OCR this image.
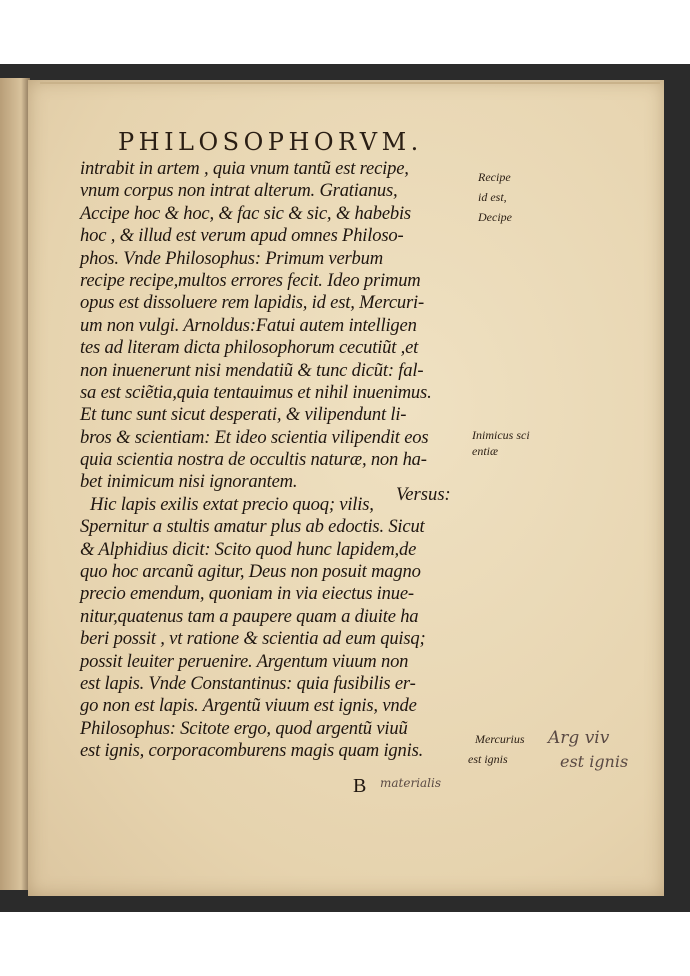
PHILOSOPHORVM.
intrabit in artem , quia vnum tantũ est recipe,
vnum corpus non intrat alterum. Gratianus,
Accipe hoc & hoc, & fac sic & sic, & habebis
hoc , & illud est verum apud omnes Philoso-
phos. Vnde Philosophus: Primum verbum
recipe recipe,multos errores fecit. Ideo primum
opus est dissoluere rem lapidis, id est, Mercuri-
um non vulgi. Arnoldus:Fatui autem intelligen
tes ad literam dicta philosophorum cecutiũt ,et
non inuenerunt nisi mendatiũ & tunc dicũt: fal-
sa est sciẽtia,quia tentauimus et nihil inuenimus.
Et tunc sunt sicut desperati, & vilipendunt li-
bros & scientiam: Et ideo scientia vilipendit eos
quia scientia nostra de occultis naturæ, non ha-
bet inimicum nisi ignorantem.
Hic lapis exilis extat precio quoq; vilis,
Spernitur a stultis amatur plus ab edoctis. Sicut
& Alphidius dicit: Scito quod hunc lapidem,de
quo hoc arcanũ agitur, Deus non posuit magno
precio emendum, quoniam in via eiectus inue-
nitur,quatenus tam a paupere quam a diuite ha
beri possit , vt ratione & scientia ad eum quisq;
possit leuiter peruenire. Argentum viuum non
est lapis. Vnde Constantinus: quia fusibilis er-
go non est lapis. Argentũ viuum est ignis, vnde
Philosophus: Scitote ergo, quod argentũ viuũ
est ignis, corporacomburens magis quam ignis.
Versus:
Recipe
id est,
Decipe
Inimicus sci
entiæ
Mercurius
est ignis
B
Arg viv
est ignis
materialis
